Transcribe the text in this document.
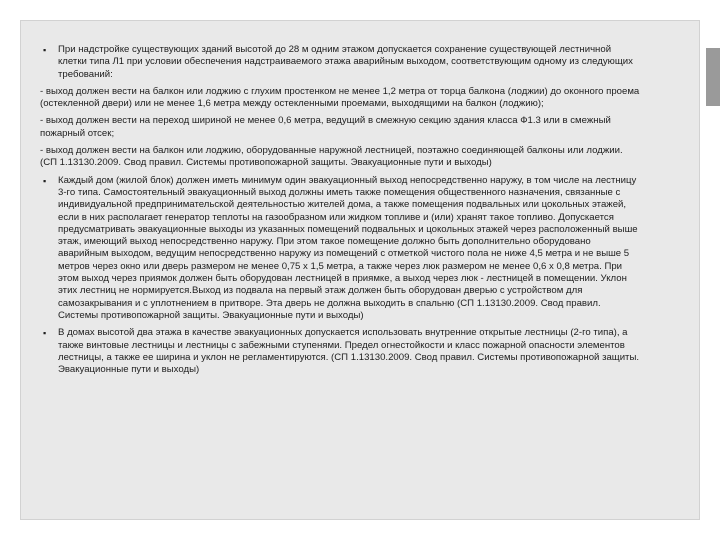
▪ При надстройке существующих зданий высотой до 28 м одним этажом допускается сохранение существующей лестничной клетки типа Л1 при условии обеспечения надстраиваемого этажа аварийным выходом, соответствующим одному из следующих требований:

- выход должен вести на балкон или лоджию с глухим простенком не менее 1,2 метра от торца балкона (лоджии) до оконного проема (остекленной двери) или не менее 1,6 метра между остекленными проемами, выходящими на балкон (лоджию);

- выход должен вести на переход шириной не менее 0,6 метра, ведущий в смежную секцию здания класса Ф1.3 или в смежный пожарный отсек;

- выход должен вести на балкон или лоджию, оборудованные наружной лестницей, поэтажно соединяющей балконы или лоджии. (СП 1.13130.2009. Свод правил. Системы противопожарной защиты. Эвакуационные пути и выходы)

▪ Каждый дом (жилой блок) должен иметь минимум один эвакуационный выход непосредственно наружу, в том числе на лестницу 3-го типа. Самостоятельный эвакуационный выход должны иметь также помещения общественного назначения, связанные с индивидуальной предпринимательской деятельностью жителей дома, а также помещения подвальных или цокольных этажей, если в них располагает генератор теплоты на газообразном или жидком топливе и (или) хранят такое топливо. Допускается предусматривать эвакуационные выходы из указанных помещений подвальных и цокольных этажей через расположенный выше этаж, имеющий выход непосредственно наружу. При этом такое помещение должно быть дополнительно оборудовано аварийным выходом, ведущим непосредственно наружу из помещений с отметкой чистого пола не ниже 4,5 метра и не выше 5 метров через окно или дверь размером не менее 0,75 х 1,5 метра, а также через люк размером не менее 0,6 х 0,8 метра. При этом выход через приямок должен быть оборудован лестницей в приямке, а выход через люк - лестницей в помещении. Уклон этих лестниц не нормируется.Выход из подвала на первый этаж должен быть оборудован дверью с устройством для самозакрывания и с уплотнением в притворе. Эта дверь не должна выходить в спальню (СП 1.13130.2009. Свод правил. Системы противопожарной защиты. Эвакуационные пути и выходы)

▪ В домах высотой два этажа в качестве эвакуационных допускается использовать внутренние открытые лестницы (2-го типа), а также винтовые лестницы и лестницы с забежными ступенями. Предел огнестойкости и класс пожарной опасности элементов лестницы, а также ее ширина и уклон не регламентируются. (СП 1.13130.2009. Свод правил. Системы противопожарной защиты. Эвакуационные пути и выходы)
